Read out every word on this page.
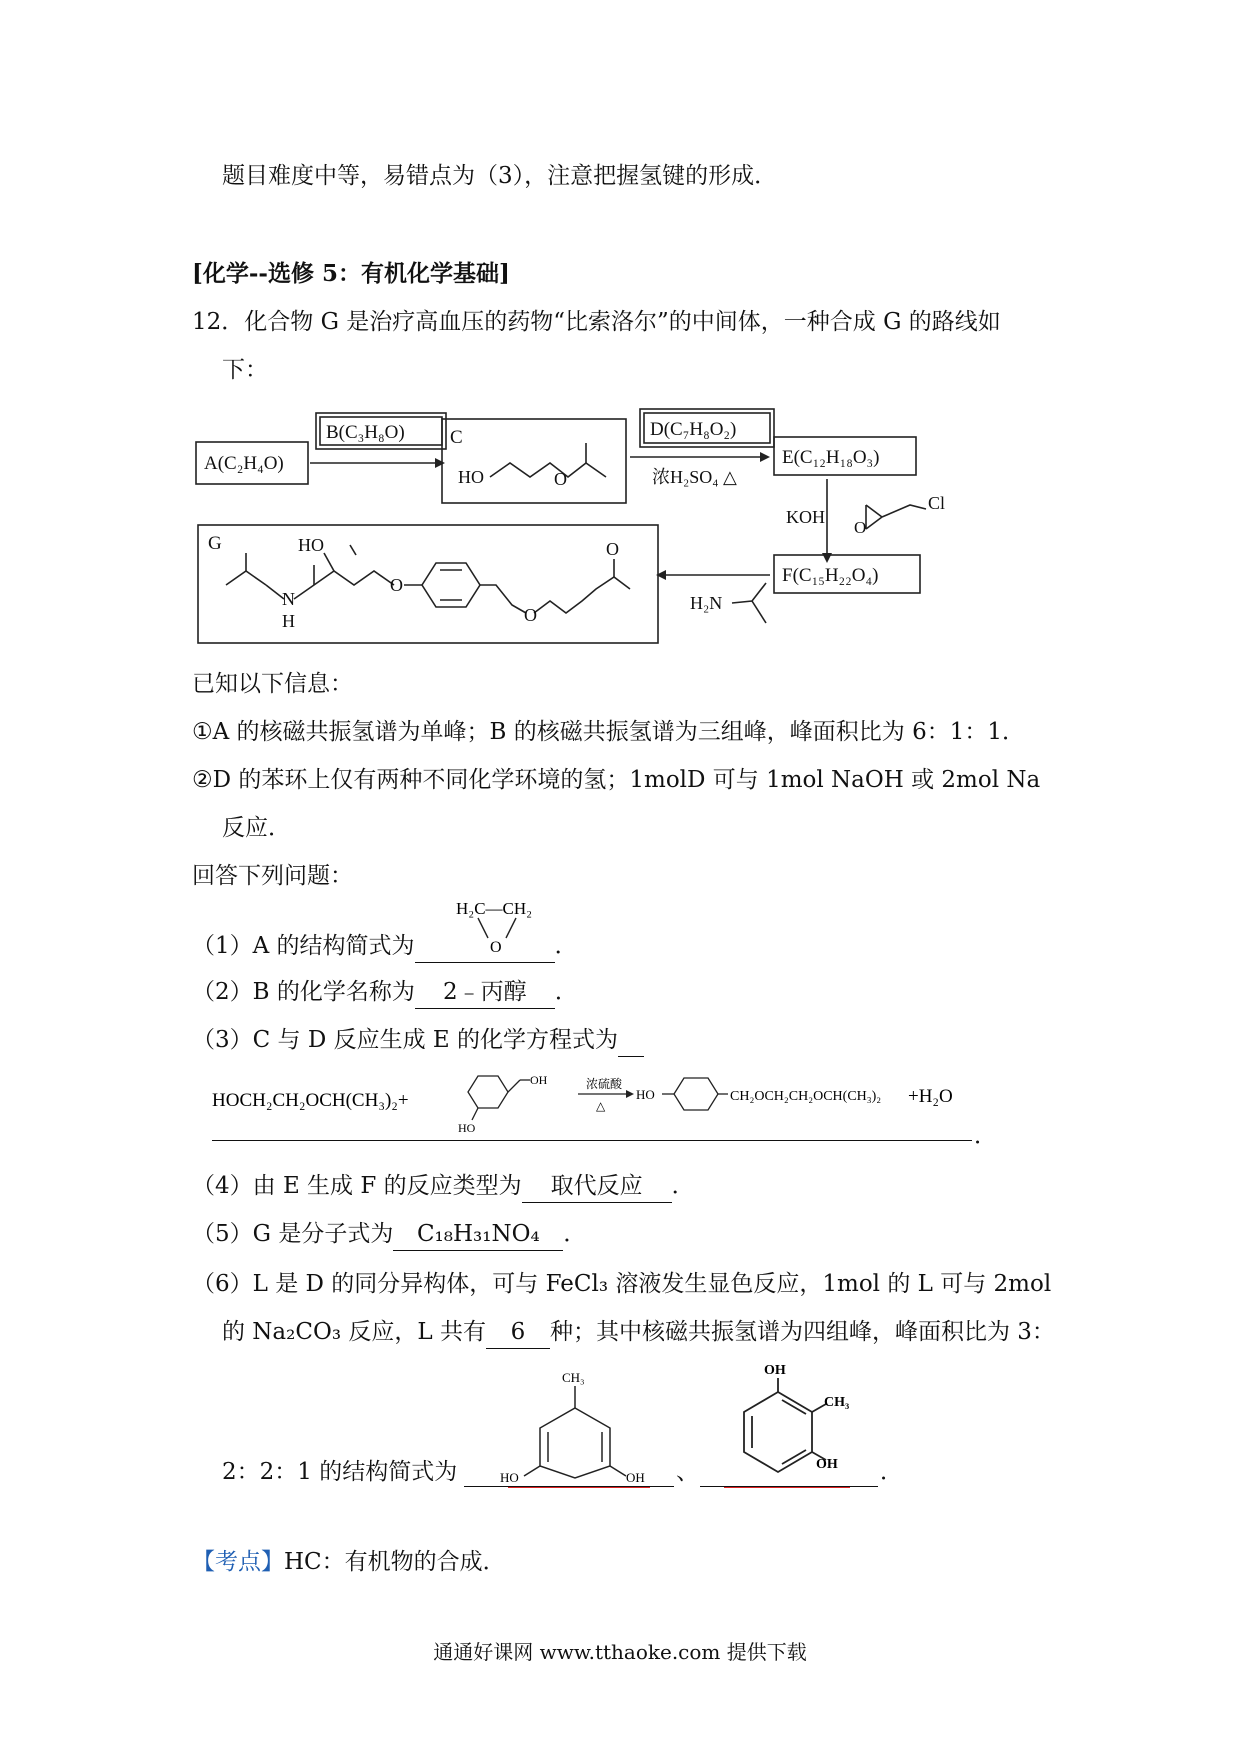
题目难度中等，易错点为（3），注意把握氢键的形成．
[化学--选修 5：有机化学基础]
12．化合物 G 是治疗高血压的药物“比索洛尔”的中间体，一种合成 G 的路线如
下：
A(C₂H₄O)
B(C₃H₈O) C
HO	O
D(C₇H₈O₂)
浓H₂SO₄ △
E(C₁₂H₁₈O₃)
KOH
O
Cl
F(C₁₅H₂₂O₄)
H₂N
G
N
H
HO
O
O
O
已知以下信息：
①A 的核磁共振氢谱为单峰；B 的核磁共振氢谱为三组峰，峰面积比为 6：1：1．
②D 的苯环上仅有两种不同化学环境的氢；1molD 可与 1mol NaOH 或 2mol Na
反应．
回答下列问题：
（1）A 的结构简式为	．
H₂C—CH₂
O
（2）B 的化学名称为 2﹣丙醇 ．
（3）C 与 D 反应生成 E 的化学方程式为
HOCH₂CH₂OCH(CH₃)₂+
HO
OH	浓硫酸
△
HO	CH₂OCH₂CH₂OCH(CH₃)₂ +H₂O
．
（4）由 E 生成 F 的反应类型为 取代反应 ．
（5）G 是分子式为 C₁₈H₃₁NO₄ ．
（6）L 是 D 的同分异构体，可与 FeCl₃ 溶液发生显色反应，1mol 的 L 可与 2mol
的 Na₂CO₃ 反应，L 共有 6 种；其中核磁共振氢谱为四组峰，峰面积比为 3：
CH₃
HO	OH
OH
CH₃
OH
2：2：1 的结构简式为	、	．
【考点】HC：有机物的合成．
通通好课网 www.tthaoke.com 提供下载
